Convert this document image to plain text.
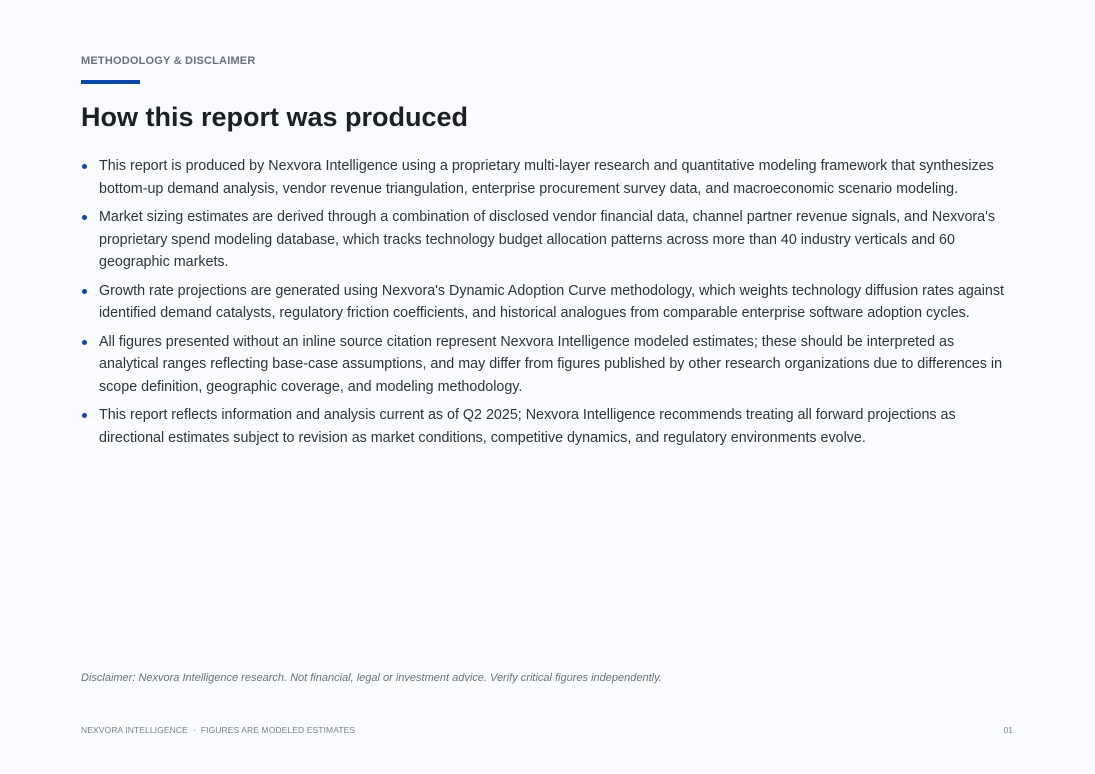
METHODOLOGY & DISCLAIMER
How this report was produced
This report is produced by Nexvora Intelligence using a proprietary multi-layer research and quantitative modeling framework that synthesizes bottom-up demand analysis, vendor revenue triangulation, enterprise procurement survey data, and macroeconomic scenario modeling.
Market sizing estimates are derived through a combination of disclosed vendor financial data, channel partner revenue signals, and Nexvora's proprietary spend modeling database, which tracks technology budget allocation patterns across more than 40 industry verticals and 60 geographic markets.
Growth rate projections are generated using Nexvora's Dynamic Adoption Curve methodology, which weights technology diffusion rates against identified demand catalysts, regulatory friction coefficients, and historical analogues from comparable enterprise software adoption cycles.
All figures presented without an inline source citation represent Nexvora Intelligence modeled estimates; these should be interpreted as analytical ranges reflecting base-case assumptions, and may differ from figures published by other research organizations due to differences in scope definition, geographic coverage, and modeling methodology.
This report reflects information and analysis current as of Q2 2025; Nexvora Intelligence recommends treating all forward projections as directional estimates subject to revision as market conditions, competitive dynamics, and regulatory environments evolve.
Disclaimer: Nexvora Intelligence research. Not financial, legal or investment advice. Verify critical figures independently.
NEXVORA INTELLIGENCE · FIGURES ARE MODELED ESTIMATES	01
